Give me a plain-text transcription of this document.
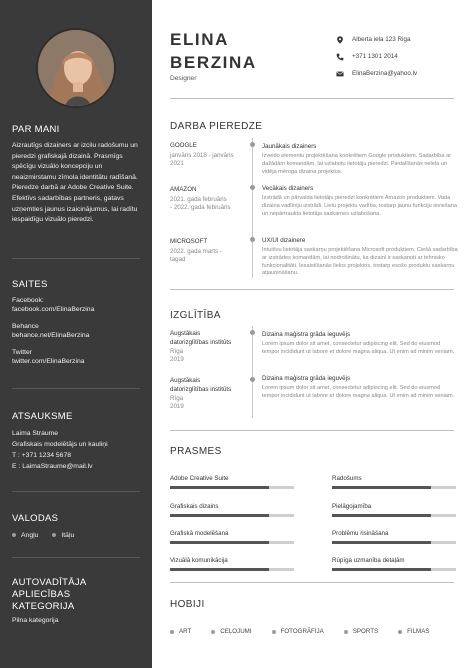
PAR MANI
Aizrautīgs dizainers ar izcilu radošumu un pieredzi grafiskajā dizainā. Prasmīgs spēcīgu vizuālo koncepciju un neaizmirstamu zīmola identitātu radīšanā. Pieredze darbā ar Adobe Creative Suite. Efektīvs sadarbības partneris, gatavs uzņemties jaunus izaicinājumus, lai radītu iespaidīgu vizuālo pieredzi.
SAITES
Facebook:
facebook.com/ElinaBerzina
Behance
behance.net/ElinaBerzina
Twitter
twitter.com/ElinaBerzina
ATSAUKSME
Laima Straume
Grafiskais modelētājs un kauliņi
T : +371 1234 5678
E : LaimaStraume@mail.lv
VALODAS
Angļu	Itāļu
AUTOVADĪTĀJA APLIECĪBAS
KATEGORIJA
Pilna kategorija
ELINA
BERZINA
Designer
Alberta iela 123 Riga
+371 1301 2014
ElinaBerzina@yahoo.lv
DARBA PIEREDZE
GOOGLE
janvāris 2018 - janvāris
2021
Jaunākais dizainers
Izveido elementu projektēšana konkrētiem Google produktiem. Sadarbība ar dažādām komandām, lai uzlabotu lietotāju pieredzi. Piedalīšanās nelela un vidēja mēroga dizaina projektos.
AMAZON
2021. gada februāris
- 2022. gada februāris
Vecākais dizainers
Izstrādā un pārvalda lietotāju pieredzi konkrētiem Amazon produktiem. Vada dizaina vadlīniju izstrādi. Lielu projektu vadība, tostarp jaunu funkciju ieviešana un nepārtraukta lietotāja saskarnes uzlabošana.
MICROSOFT
2022. gada marts -
tagad
UX/UI dizainere
Intuitīvu lietotāja saskarņu projektēšana Microsoft produktiem. Ciešā sadarbība ar izstrādes komandām, lai nodrošinātu, ka dizaini ir saskanoti ar tehnisko funkcionalitāti. Iesaistīšanās lielos projektos, tostarp esošo produktu saskarņu atjaunināšanu.
IZGLĪTĪBA
Augstākais
datorizglītības institūts
Rīga
2019
Dizaina maģistra grāda ieguvējs
Lorem ipsum dolor sit amet, consectetur adipiscing elit. Sed do eiusmod tempor incididunt ut labore et dolore magna aliqua. Ut enim ad minim veniam.
Augstākais
datorizglītības institūts
Rīga
2019
Dizaina maģistra grāda ieguvējs
Lorem ipsum dolor sit amet, consectetur adipiscing elit. Sed do eiusmod tempor incididunt ut labore et dolore magna aliqua. Ut enim ad minim veniam.
PRASMES
Adobe Creative Suite	Radošums
Grafiskais dizains	Pielāgojamība
Grafiskā modelēšana	Problēmu risināšana
Vizuālā komunikācija	Rūpīga uzmanība detaļām
HOBIJI
ART	CEĻOJUMI	FOTOGRĀFIJA	SPORTS	FILMAS
